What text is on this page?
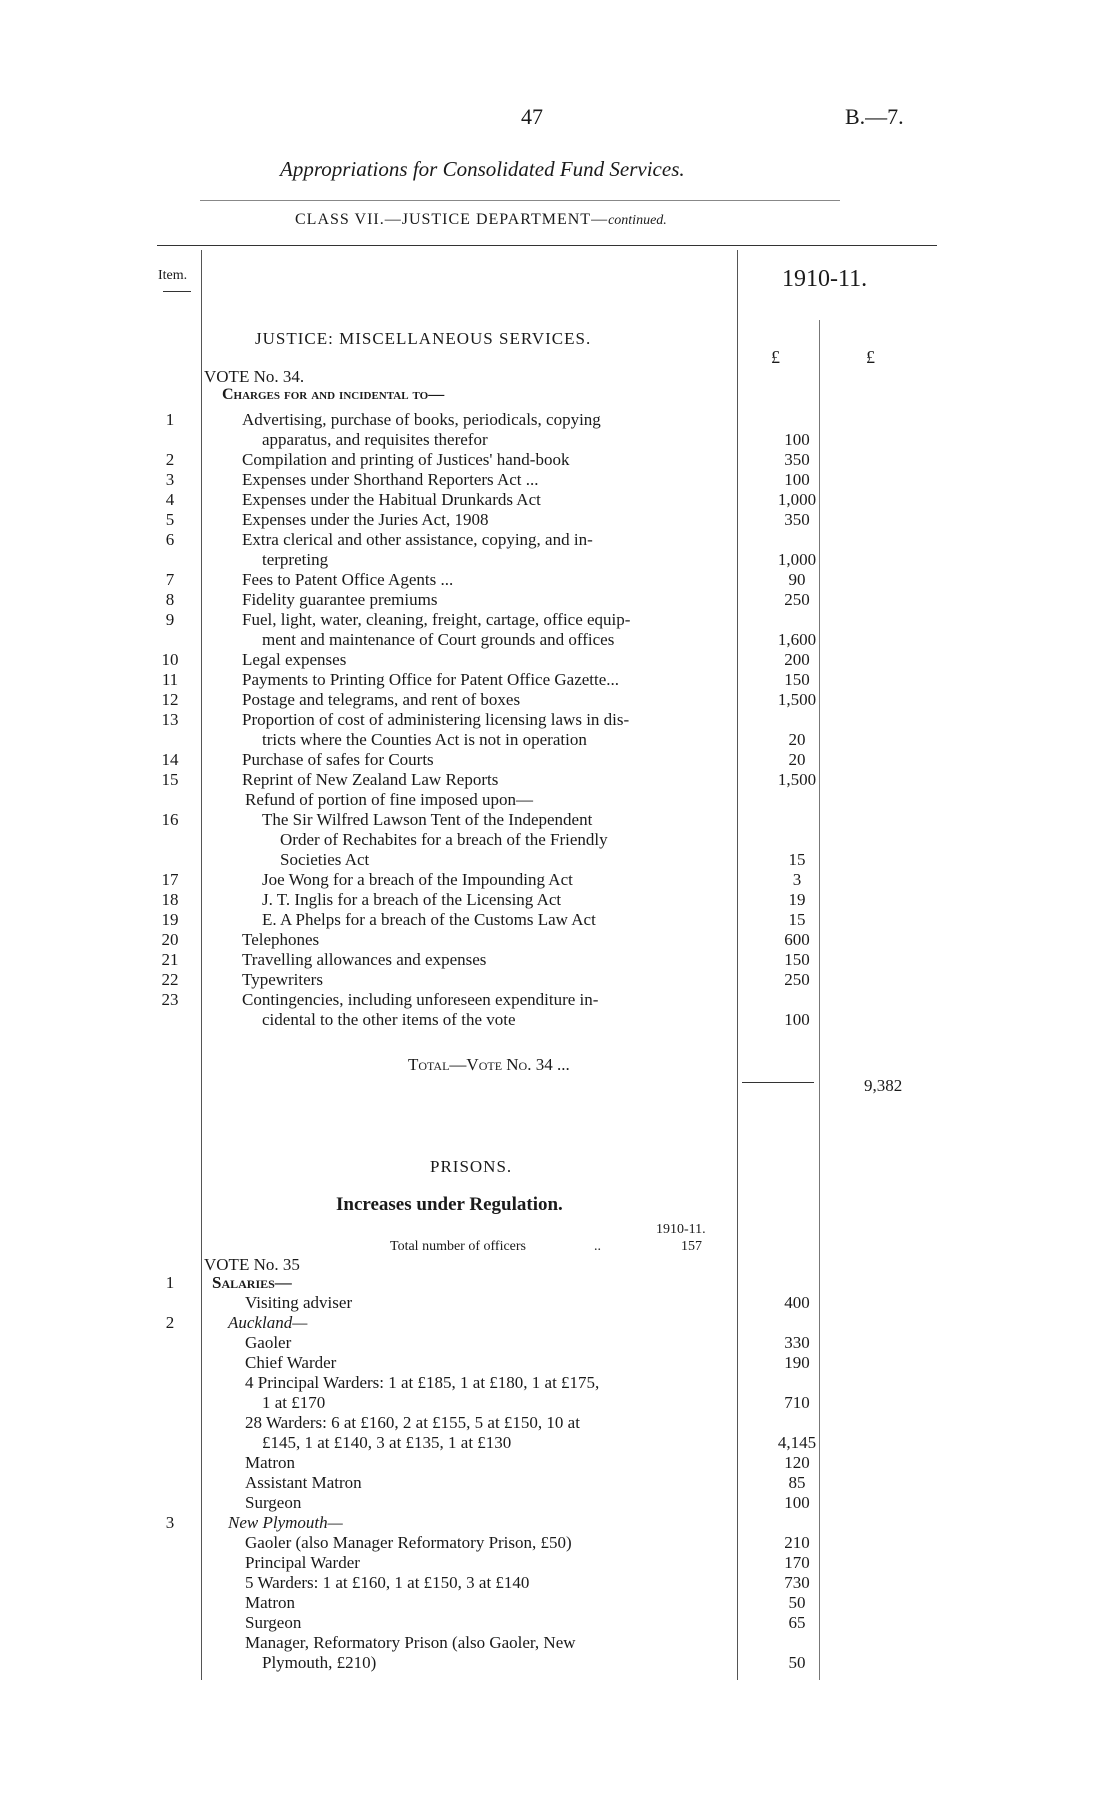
47	B.—7.
Appropriations for Consolidated Fund Services.
CLASS VII.—JUSTICE DEPARTMENT—continued.
Item.	1910-11.
£	£
JUSTICE: MISCELLANEOUS SERVICES.
VOTE No. 34.
Charges for and incidental to—
1	Advertising, purchase of books, periodicals, copying
apparatus, and requisites therefor	100
2	Compilation and printing of Justices' hand-book	350
3	Expenses under Shorthand Reporters Act ...	100
4	Expenses under the Habitual Drunkards Act	1,000
5	Expenses under the Juries Act, 1908	350
6	Extra clerical and other assistance, copying, and in-
terpreting	1,000
7	Fees to Patent Office Agents ...	90
8	Fidelity guarantee premiums	250
9	Fuel, light, water, cleaning, freight, cartage, office equip-
ment and maintenance of Court grounds and offices	1,600
10	Legal expenses	200
11	Payments to Printing Office for Patent Office Gazette...	150
12	Postage and telegrams, and rent of boxes	1,500
13	Proportion of cost of administering licensing laws in dis-
tricts where the Counties Act is not in operation	20
14	Purchase of safes for Courts	20
15	Reprint of New Zealand Law Reports	1,500
Refund of portion of fine imposed upon—
16	The Sir Wilfred Lawson Tent of the Independent
Order of Rechabites for a breach of the Friendly
Societies Act	15
17	Joe Wong for a breach of the Impounding Act	3
18	J. T. Inglis for a breach of the Licensing Act	19
19	E. A Phelps for a breach of the Customs Law Act	15
20	Telephones	600
21	Travelling allowances and expenses	150
22	Typewriters	250
23	Contingencies, including unforeseen expenditure in-
cidental to the other items of the vote	100
Total—Vote No. 34 ...
9,382
PRISONS.
Increases under Regulation.
1910-11.
Total number of officers	..	157
VOTE No. 35
1	Salaries—
Visiting adviser	400
2	Auckland—
Gaoler	330
Chief Warder	190
4 Principal Warders: 1 at £185, 1 at £180, 1 at £175,
1 at £170	710
28 Warders: 6 at £160, 2 at £155, 5 at £150, 10 at
£145, 1 at £140, 3 at £135, 1 at £130	4,145
Matron	120
Assistant Matron	85
Surgeon	100
3	New Plymouth—
Gaoler (also Manager Reformatory Prison, £50)	210
Principal Warder	170
5 Warders: 1 at £160, 1 at £150, 3 at £140	730
Matron	50
Surgeon	65
Manager, Reformatory Prison (also Gaoler, New
Plymouth, £210)	50
